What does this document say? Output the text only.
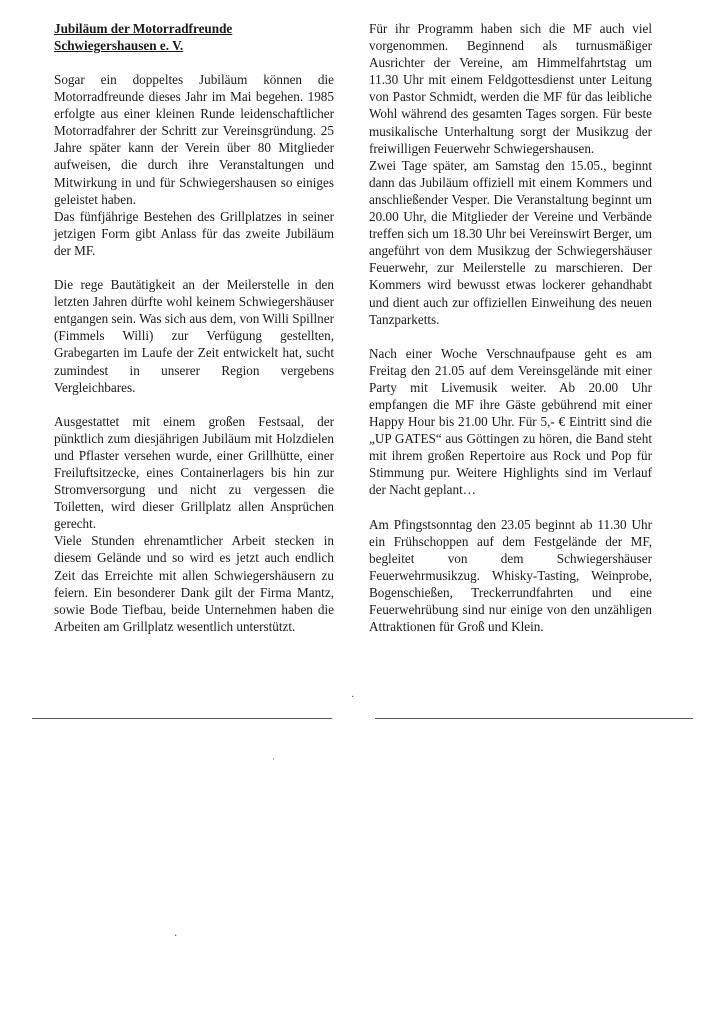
Jubiläum der Motorradfreunde
Schwiegershausen e. V.

Sogar ein doppeltes Jubiläum können die Motorradfreunde dieses Jahr im Mai begehen. 1985 erfolgte aus einer kleinen Runde leidenschaftlicher Motorradfahrer der Schritt zur Vereinsgründung. 25 Jahre später kann der Verein über 80 Mitglieder aufweisen, die durch ihre Veranstaltungen und Mitwirkung in und für Schwiegershausen so einiges geleistet haben.

Das fünfjährige Bestehen des Grillplatzes in seiner jetzigen Form gibt Anlass für das zweite Jubiläum der MF.

Die rege Bautätigkeit an der Meilerstelle in den letzten Jahren dürfte wohl keinem Schwiegershäuser entgangen sein. Was sich aus dem, von Willi Spillner (Fimmels Willi) zur Verfügung gestellten, Grabegarten im Laufe der Zeit entwickelt hat, sucht zumindest in unserer Region vergebens Vergleichbares.

Ausgestattet mit einem großen Festsaal, der pünktlich zum diesjährigen Jubiläum mit Holzdielen und Pflaster versehen wurde, einer Grillhütte, einer Freiluftsitzecke, eines Containerlagers bis hin zur Stromversorgung und nicht zu vergessen die Toiletten, wird dieser Grillplatz allen Ansprüchen gerecht.

Viele Stunden ehrenamtlicher Arbeit stecken in diesem Gelände und so wird es jetzt auch endlich Zeit das Erreichte mit allen Schwiegershäusern zu feiern. Ein besonderer Dank gilt der Firma Mantz, sowie Bode Tiefbau, beide Unternehmen haben die Arbeiten am Grillplatz wesentlich unterstützt.

Für ihr Programm haben sich die MF auch viel vorgenommen. Beginnend als turnusmäßiger Ausrichter der Vereine, am Himmelfahrtstag um 11.30 Uhr mit einem Feldgottesdienst unter Leitung von Pastor Schmidt, werden die MF für das leibliche Wohl während des gesamten Tages sorgen. Für beste musikalische Unterhaltung sorgt der Musikzug der freiwilligen Feuerwehr Schwiegershausen.

Zwei Tage später, am Samstag den 15.05., beginnt dann das Jubiläum offiziell mit einem Kommers und anschließender Vesper. Die Veranstaltung beginnt um 20.00 Uhr, die Mitglieder der Vereine und Verbände treffen sich um 18.30 Uhr bei Vereinswirt Berger, um angeführt von dem Musikzug der Schwiegershäuser Feuerwehr, zur Meilerstelle zu marschieren. Der Kommers wird bewusst etwas lockerer gehandhabt und dient auch zur offiziellen Einweihung des neuen Tanzparketts.

Nach einer Woche Verschnaufpause geht es am Freitag den 21.05 auf dem Vereinsgelände mit einer Party mit Livemusik weiter. Ab 20.00 Uhr empfangen die MF ihre Gäste gebührend mit einer Happy Hour bis 21.00 Uhr. Für 5,- € Eintritt sind die „UP GATES“ aus Göttingen zu hören, die Band steht mit ihrem großen Repertoire aus Rock und Pop für Stimmung pur. Weitere Highlights sind im Verlauf der Nacht geplant…

Am Pfingstsonntag den 23.05 beginnt ab 11.30 Uhr ein Frühschoppen auf dem Festgelände der MF, begleitet von dem Schwiegershäuser Feuerwehrmusikzug. Whisky-Tasting, Weinprobe, Bogenschießen, Treckerrundfahrten und eine Feuerwehrübung sind nur einige von den unzähligen Attraktionen für Groß und Klein.

ˈ
·
·
